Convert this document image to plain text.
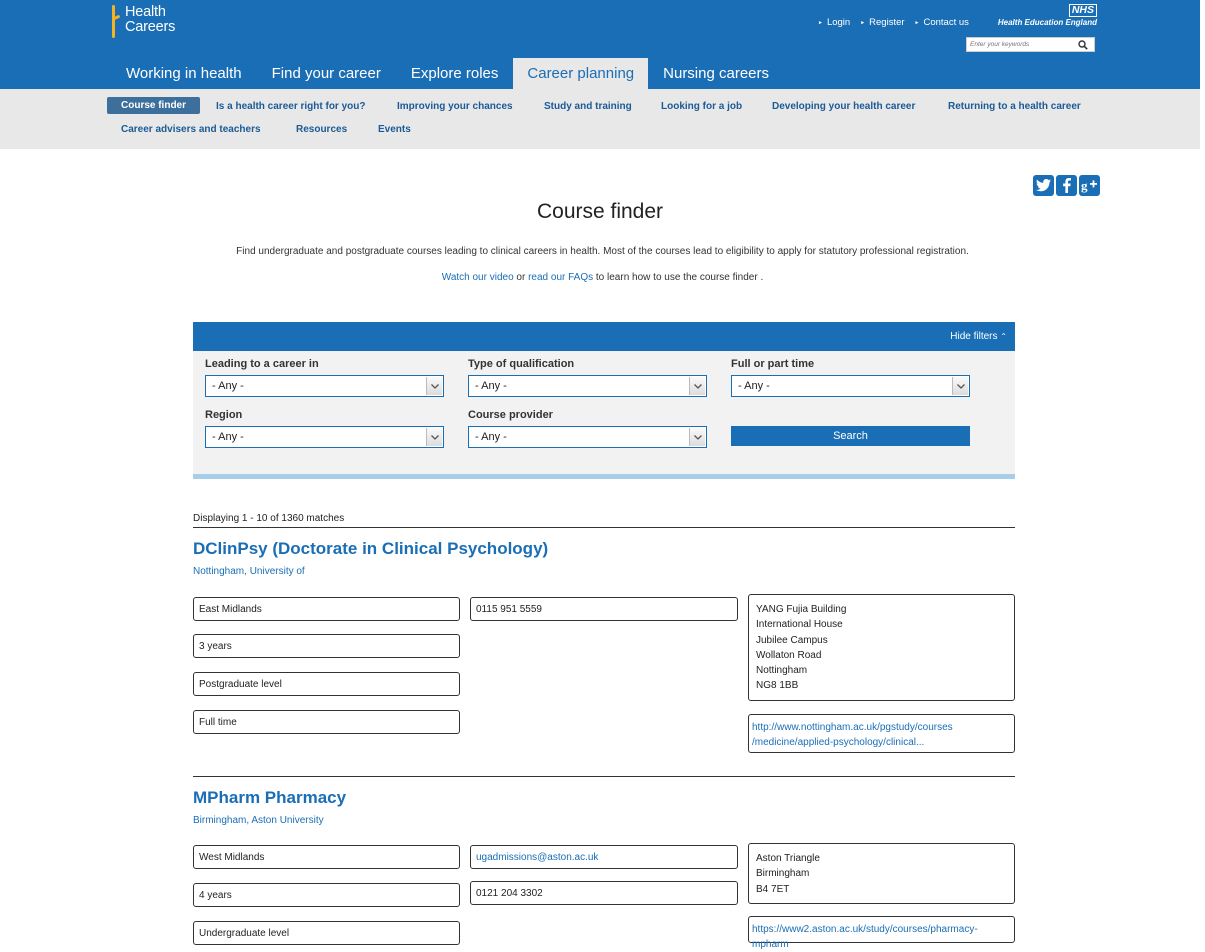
Health
Careers	► Login ► Register ► Contact us
NHS
Health Education England
Enter your keywords
Working in health	Find your career	Explore roles	Career planning	Nursing careers
Course finder	Is a health career right for you?	Improving your chances	Study and training	Looking for a job	Developing your health career	Returning to a health career
Career advisers and teachers	Resources	Events
g
Course finder
Find undergraduate and postgraduate courses leading to clinical careers in health. Most of the courses lead to eligibility to apply for statutory professional registration.
Watch our video or read our FAQs to learn how to use the course finder .
Hide filters ⌃
Leading to a career in
- Any -
Type of qualification
- Any -
Full or part time
- Any -
Region
- Any -
Course provider
- Any -	Search
Displaying 1 - 10 of 1360 matches
DClinPsy (Doctorate in Clinical Psychology)
Nottingham, University of
East Midlands
3 years
Postgraduate level
Full time
0115 951 5559	YANG Fujia Building
International House
Jubilee Campus
Wollaton Road
Nottingham
NG8 1BB
http://www.nottingham.ac.uk/pgstudy/courses
/medicine/applied-psychology/clinical...
MPharm Pharmacy
Birmingham, Aston University
West Midlands
4 years
Undergraduate level
ugadmissions@aston.ac.uk
0121 204 3302
Aston Triangle
Birmingham
B4 7ET
https://www2.aston.ac.uk/study/courses/pharmacy-
mpharm
